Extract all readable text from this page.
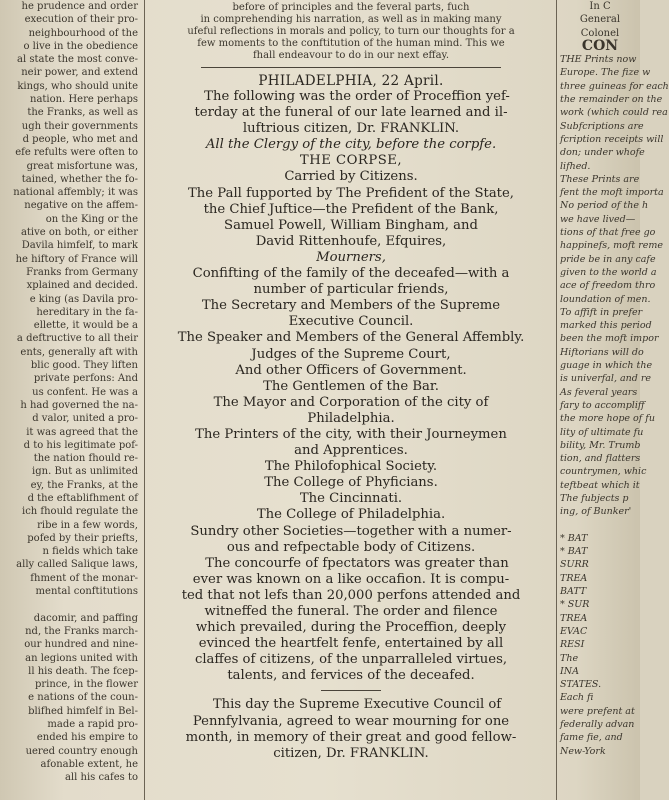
he prudence and order
execution of their pro-
neighbourhood of the
o live in the obedience
al state the most conve-
neir power, and extend
kings, who should unite
nation. Here perhaps
the Franks, as well as
ugh their governments
d people, who met and
efe refults were often to
great misfortune was,
tained, whether the fo-
national affembly; it was
negative on the affem-
on the King or the
ative on both, or either
Davila himfelf, to mark
he hiftory of France will
Franks from Germany
xplained and decided.
e king (as Davila pro-
hereditary in the fa-
ellette, it would be a
a deftructive to all their
ents, generally aft with
blic good. They liften
private perfons: And
us confent. He was a
h had governed the na-
d valor, united a pro-
it was agreed that the
d to his legitimate pof-
the nation fhould re-
ign. But as unlimited
ey, the Franks, at the
d the eftablifhment of
ich fhould regulate the
ribe in a few words,
pofed by their priefts,
n fields which take
ally called Salique laws,
fhment of the monar-
mental conftitutions

dacomir, and paffing
nd, the Franks march-
our hundred and nine-
an legions united with
ll his death. The fcep-
prince, in the flower
e nations of the coun-
blifhed himfelf in Bel-
made a rapid pro-
ended his empire to
uered country enough
afonable extent, he
all his cafes to
before of principles and the feveral parts, fuch
in comprehending his narration, as well as in making many
ufeful reflections in morals and policy, to turn our thoughts for a
few moments to the conftitution of the human mind. This we
fhall endeavour to do in our next effay.
PHILADELPHIA, 22 April.
The following was the order of Proceffion yef-
terday at the funeral of our late learned and il-
luftrious citizen, Dr. FRANKLIN.
All the Clergy of the city, before the corpfe.
THE CORPSE,
Carried by Citizens.
The Pall fupported by The Prefident of the State,
the Chief Juftice—the Prefident of the Bank,
Samuel Powell, William Bingham, and
David Rittenhoufe, Efquires,
Mourners,
Confifting of the family of the deceafed—with a
number of particular friends,
The Secretary and Members of the Supreme
Executive Council.
The Speaker and Members of the General Affembly.
Judges of the Supreme Court,
And other Officers of Government.
The Gentlemen of the Bar.
The Mayor and Corporation of the city of
Philadelphia.
The Printers of the city, with their Journeymen
and Apprentices.
The Philofophical Society.
The College of Phyficians.
The Cincinnati.
The College of Philadelphia.
Sundry other Societies—together with a numer-
ous and refpectable body of Citizens.
The concourfe of fpectators was greater than
ever was known on a like occafion. It is compu-
ted that not lefs than 20,000 perfons attended and
witneffed the funeral. The order and filence
which prevailed, during the Proceffion, deeply
evinced the heartfelt fenfe, entertained by all
claffes of citizens, of the unparralleled virtues,
talents, and fervices of the deceafed.
This day the Supreme Executive Council of
Pennfylvania, agreed to wear mourning for one
month, in memory of their great and good fellow-
citizen, Dr. FRANKLIN.
In C
General
Colonel
CON
THE Prints now
Europe. The fize w
three guineas for each
the remainder on the
work (which could rea
Subfcriptions are
fcription receipts will
don; under whofe
lifhed.
These Prints are
fent the moft importa
No period of the h
we have lived—
tions of that free go
happinefs, moft reme
pride be in any cafe
given to the world a
ace of freedom thro
loundation of men.
To affift in prefer
marked this period
been the moft impor
Hiftorians will do
guage in which the
is univerfal, and re
As feveral years
fary to accompliff
the more hope of fu
lity of ultimate fu
bility, Mr. Trumb
tion, and flatters
countrymen, whic
teftbeat which it
The fubjects p
ing, of Bunker'

* BAT
* BAT
SURR
TREA
BATT
* SUR
TREA
EVAC
RESI
The
INA
STATES.
Each fi
were prefent at
federally advan
fame fie, and
New-York
